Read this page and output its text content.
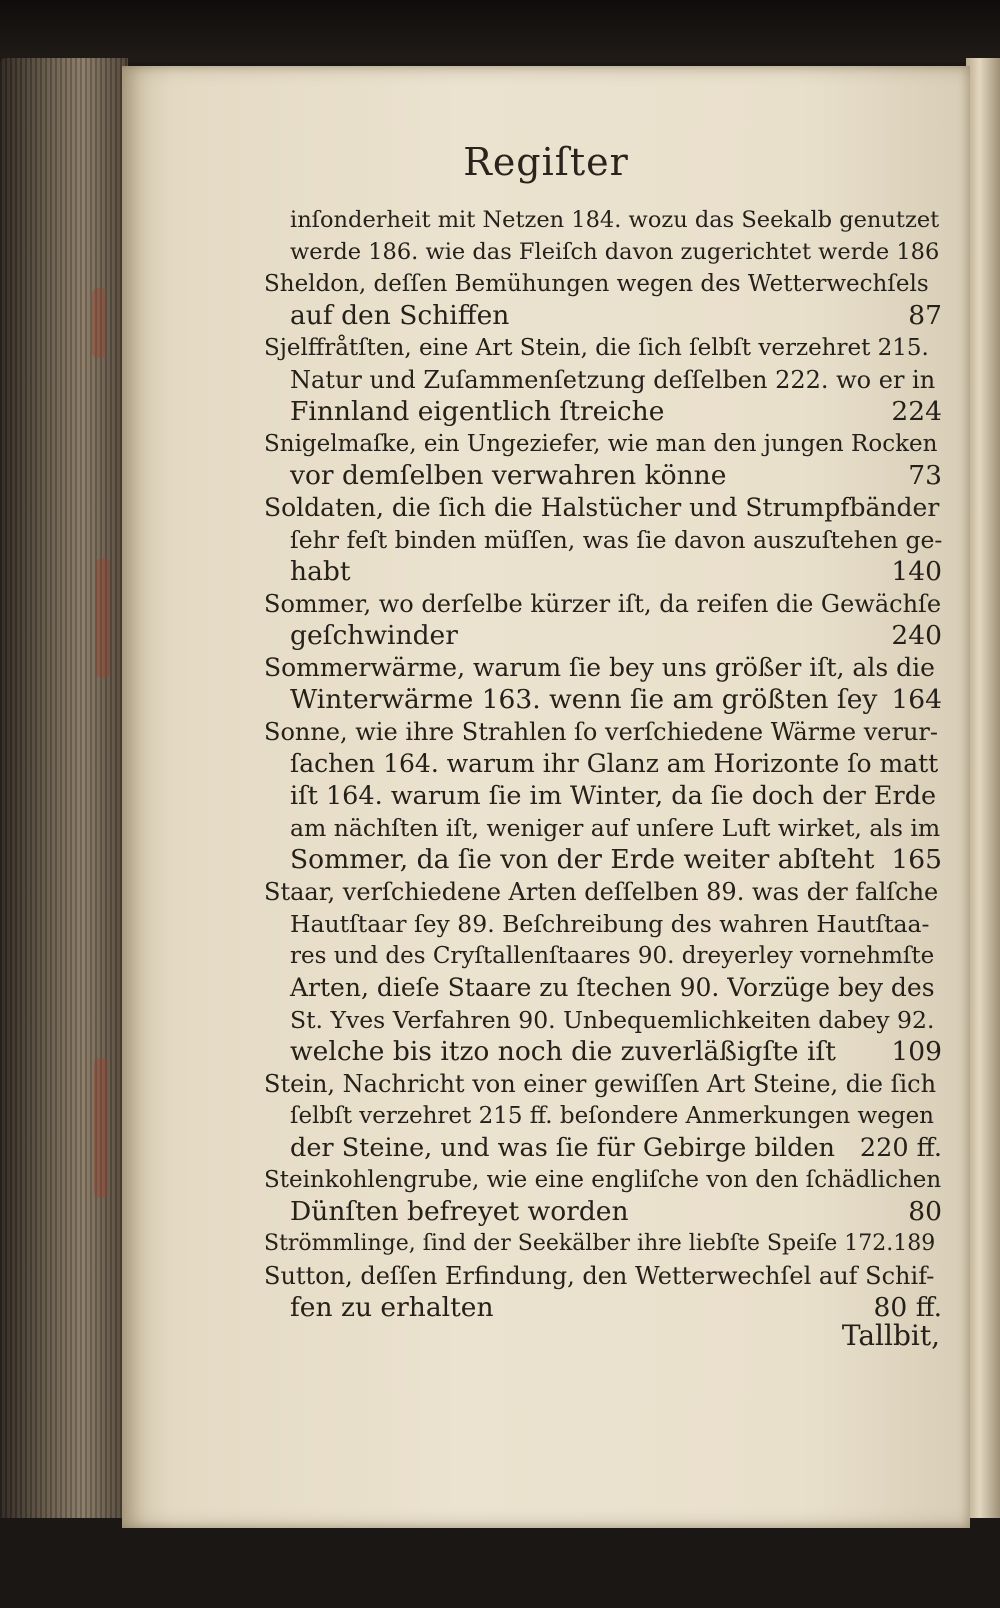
Regiſter
inſonderheit mit Netzen 184. wozu das Seekalb genutzet
werde 186. wie das Fleiſch davon zugerichtet werde 186
Sheldon, deſſen Bemühungen wegen des Wetterwechſels
auf den Schiffen	87
Sjelffråtſten, eine Art Stein, die ſich ſelbſt verzehret 215.
Natur und Zuſammenſetzung deſſelben 222. wo er in
Finnland eigentlich ſtreiche	224
Snigelmaſke, ein Ungeziefer, wie man den jungen Rocken
vor demſelben verwahren könne	73
Soldaten, die ſich die Halstücher und Strumpfbänder
ſehr feſt binden müſſen, was ſie davon auszuſtehen ge-
habt	140
Sommer, wo derſelbe kürzer iſt, da reifen die Gewächſe
geſchwinder	240
Sommerwärme, warum ſie bey uns größer iſt, als die
Winterwärme 163. wenn ſie am größten ſey 164
Sonne, wie ihre Strahlen ſo verſchiedene Wärme verur-
ſachen 164. warum ihr Glanz am Horizonte ſo matt
iſt 164. warum ſie im Winter, da ſie doch der Erde
am nächſten iſt, weniger auf unſere Luft wirket, als im
Sommer, da ſie von der Erde weiter abſteht 165
Staar, verſchiedene Arten deſſelben 89. was der falſche
Hautſtaar ſey 89. Beſchreibung des wahren Hautſtaa-
res und des Cryſtallenſtaares 90. dreyerley vornehmſte
Arten, dieſe Staare zu ſtechen 90. Vorzüge bey des
St. Yves Verfahren 90. Unbequemlichkeiten dabey 92.
welche bis itzo noch die zuverläßigſte iſt 109
Stein, Nachricht von einer gewiſſen Art Steine, die ſich
ſelbſt verzehret 215 ff. beſondere Anmerkungen wegen
der Steine, und was ſie für Gebirge bilden 220 ff.
Steinkohlengrube, wie eine engliſche von den ſchädlichen
Dünſten befreyet worden	80
Strömmlinge, ſind der Seekälber ihre liebſte Speiſe 172.189
Sutton, deſſen Erfindung, den Wetterwechſel auf Schif-
fen zu erhalten	80 ff.
Tallbit,
